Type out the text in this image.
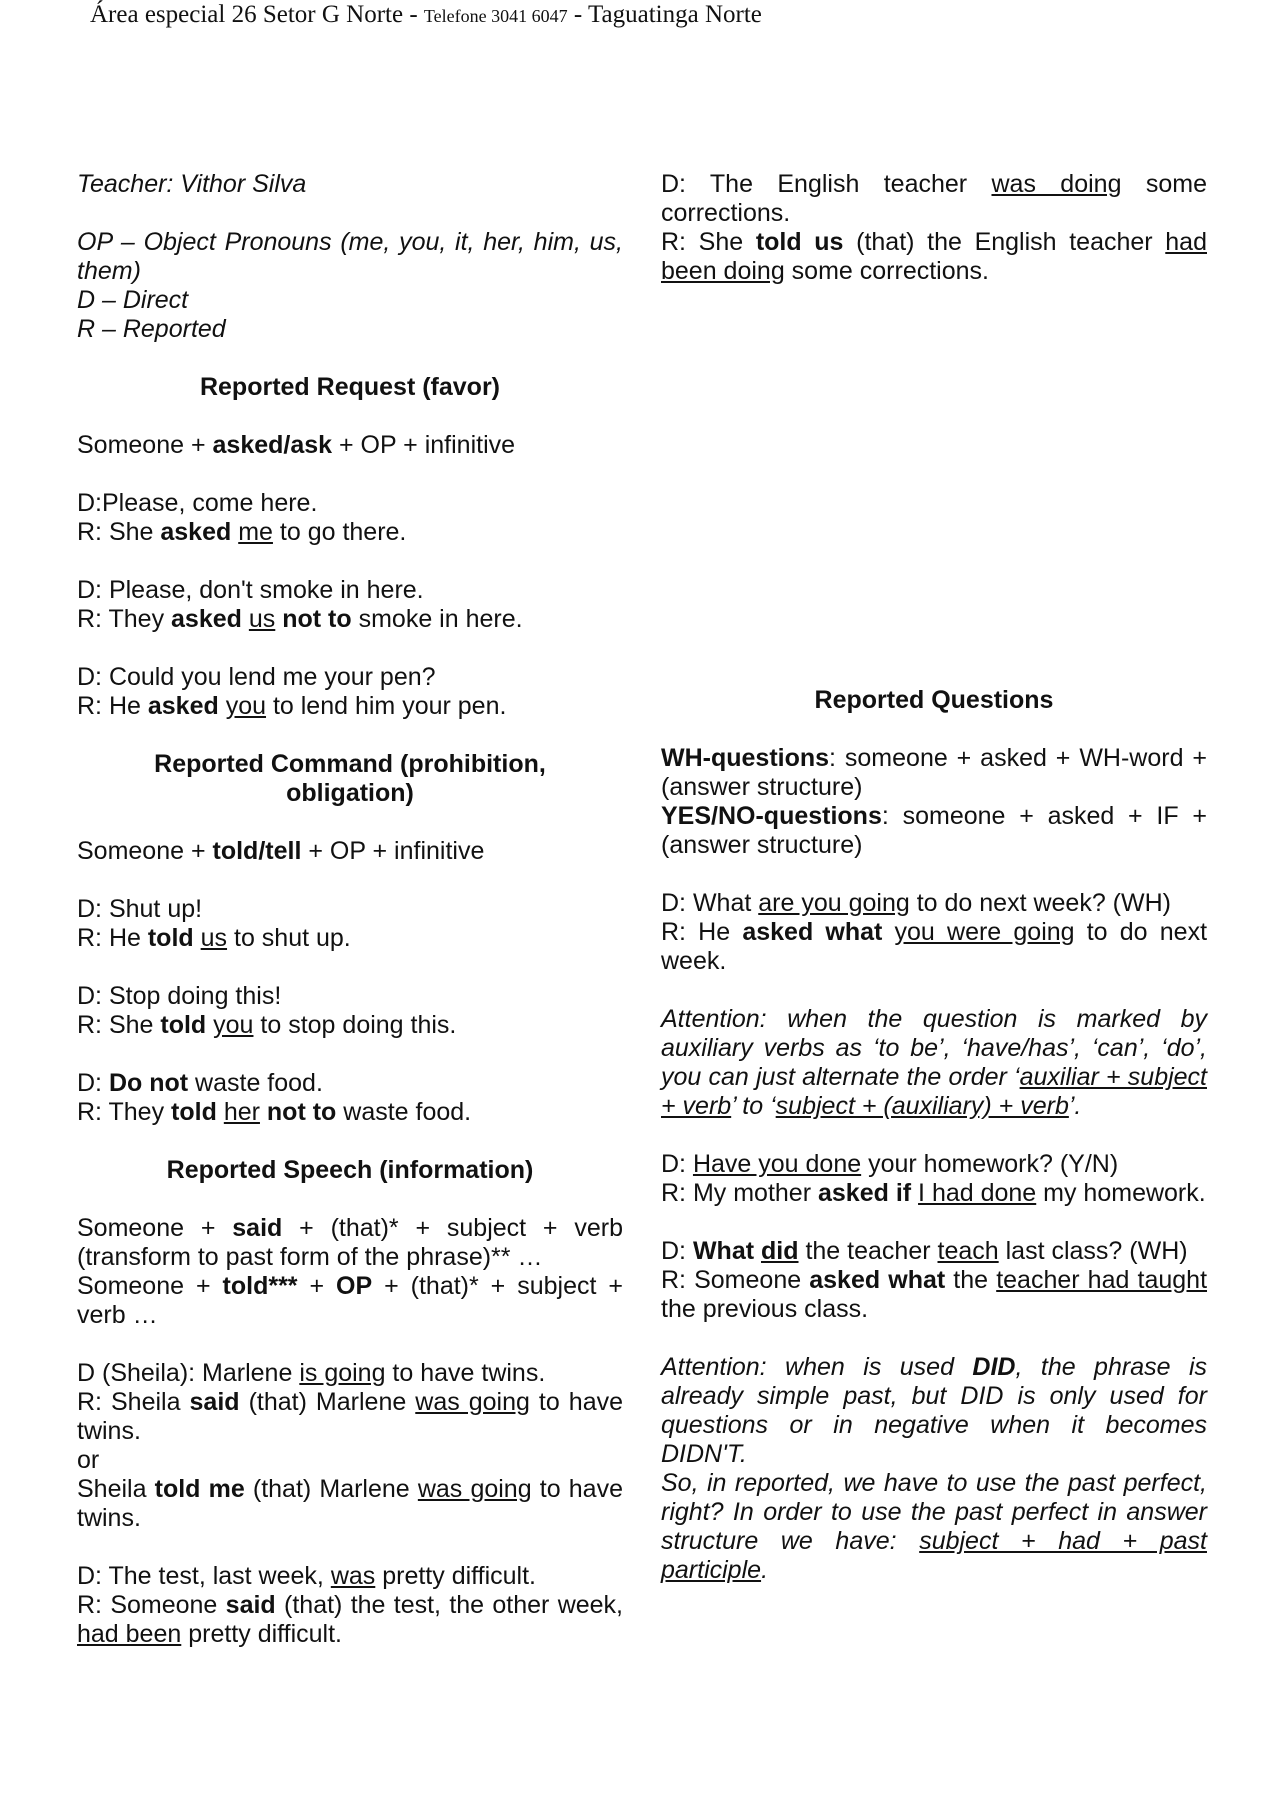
Área especial 26 Setor G Norte - Telefone 3041 6047 - Taguatinga Norte

Teacher: Vithor Silva

OP – Object Pronouns (me, you, it, her, him, us, them)

D – Direct

R – Reported

Reported Request (favor)

Someone + asked/ask + OP + infinitive

D:Please, come here.

R: She asked me to go there.

D: Please, don't smoke in here.

R: They asked us not to smoke in here.

D: Could you lend me your pen?

R: He asked you to lend him your pen.

Reported Command (prohibition, obligation)

Someone + told/tell + OP + infinitive

D: Shut up!

R: He told us to shut up.

D: Stop doing this!

R: She told you to stop doing this.

D: Do not waste food.

R: They told her not to waste food.

Reported Speech (information)

Someone + said + (that)* + subject + verb (transform to past form of the phrase)** …

Someone + told*** + OP + (that)* + subject + verb …

D (Sheila): Marlene is going to have twins.

R: Sheila said (that) Marlene was going to have twins.

or

Sheila told me (that) Marlene was going to have twins.

D: The test, last week, was pretty difficult.

R: Someone said (that) the test, the other week, had been pretty difficult.

D: The English teacher was doing some corrections.

R: She told us (that) the English teacher had been doing some corrections.

Reported Questions

WH-questions: someone + asked + WH-word + (answer structure)

YES/NO-questions: someone + asked + IF + (answer structure)

D: What are you going to do next week? (WH)

R: He asked what you were going to do next week.

Attention: when the question is marked by auxiliary verbs as ‘to be’, ‘have/has’, ‘can’, ‘do’, you can just alternate the order ‘auxiliar + subject + verb’ to ‘subject + (auxiliary) + verb’.

D: Have you done your homework? (Y/N)

R: My mother asked if I had done my homework.

D: What did the teacher teach last class? (WH)

R: Someone asked what the teacher had taught the previous class.

Attention: when is used DID, the phrase is already simple past, but DID is only used for questions or in negative when it becomes DIDN'T.

So, in reported, we have to use the past perfect, right? In order to use the past perfect in answer structure we have: subject + had + past participle.
